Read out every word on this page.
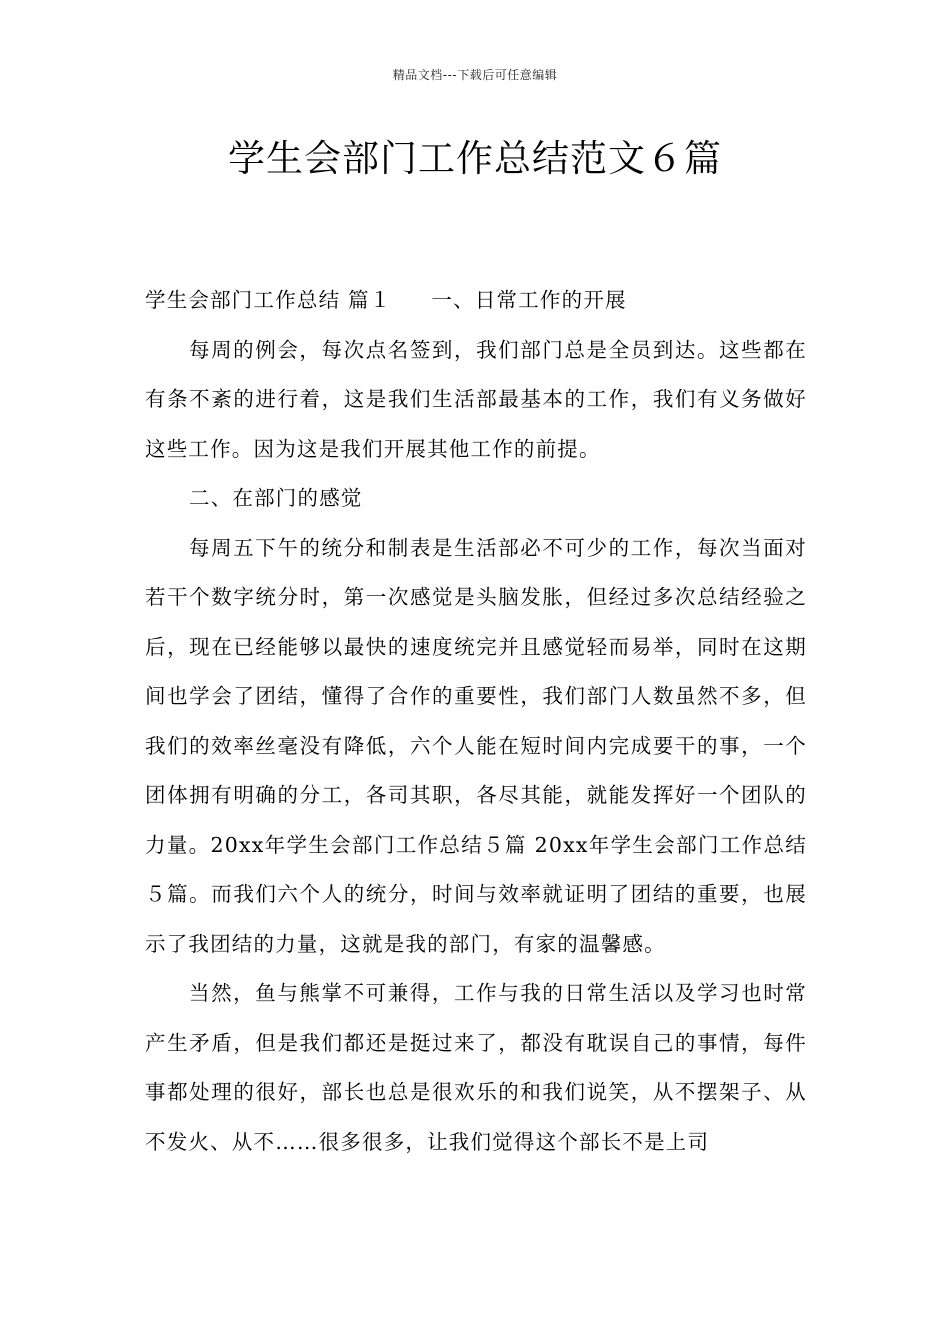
精品文档---下载后可任意编辑
学生会部门工作总结范文６篇

学生会部门工作总结 篇１ 一、日常工作的开展

每周的例会，每次点名签到，我们部门总是全员到达。这些都在有条不紊的进行着，这是我们生活部最基本的工作，我们有义务做好这些工作。因为这是我们开展其他工作的前提。

二、在部门的感觉

每周五下午的统分和制表是生活部必不可少的工作，每次当面对若干个数字统分时，第一次感觉是头脑发胀，但经过多次总结经验之后，现在已经能够以最快的速度统完并且感觉轻而易举，同时在这期间也学会了团结，懂得了合作的重要性，我们部门人数虽然不多，但我们的效率丝毫没有降低，六个人能在短时间内完成要干的事，一个团体拥有明确的分工，各司其职，各尽其能，就能发挥好一个团队的力量。20xx年学生会部门工作总结５篇 20xx年学生会部门工作总结５篇。而我们六个人的统分，时间与效率就证明了团结的重要，也展示了我团结的力量，这就是我的部门，有家的温馨感。

当然，鱼与熊掌不可兼得，工作与我的日常生活以及学习也时常产生矛盾，但是我们都还是挺过来了，都没有耽误自己的事情，每件事都处理的很好，部长也总是很欢乐的和我们说笑，从不摆架子、从不发火、从不……很多很多，让我们觉得这个部长不是上司
